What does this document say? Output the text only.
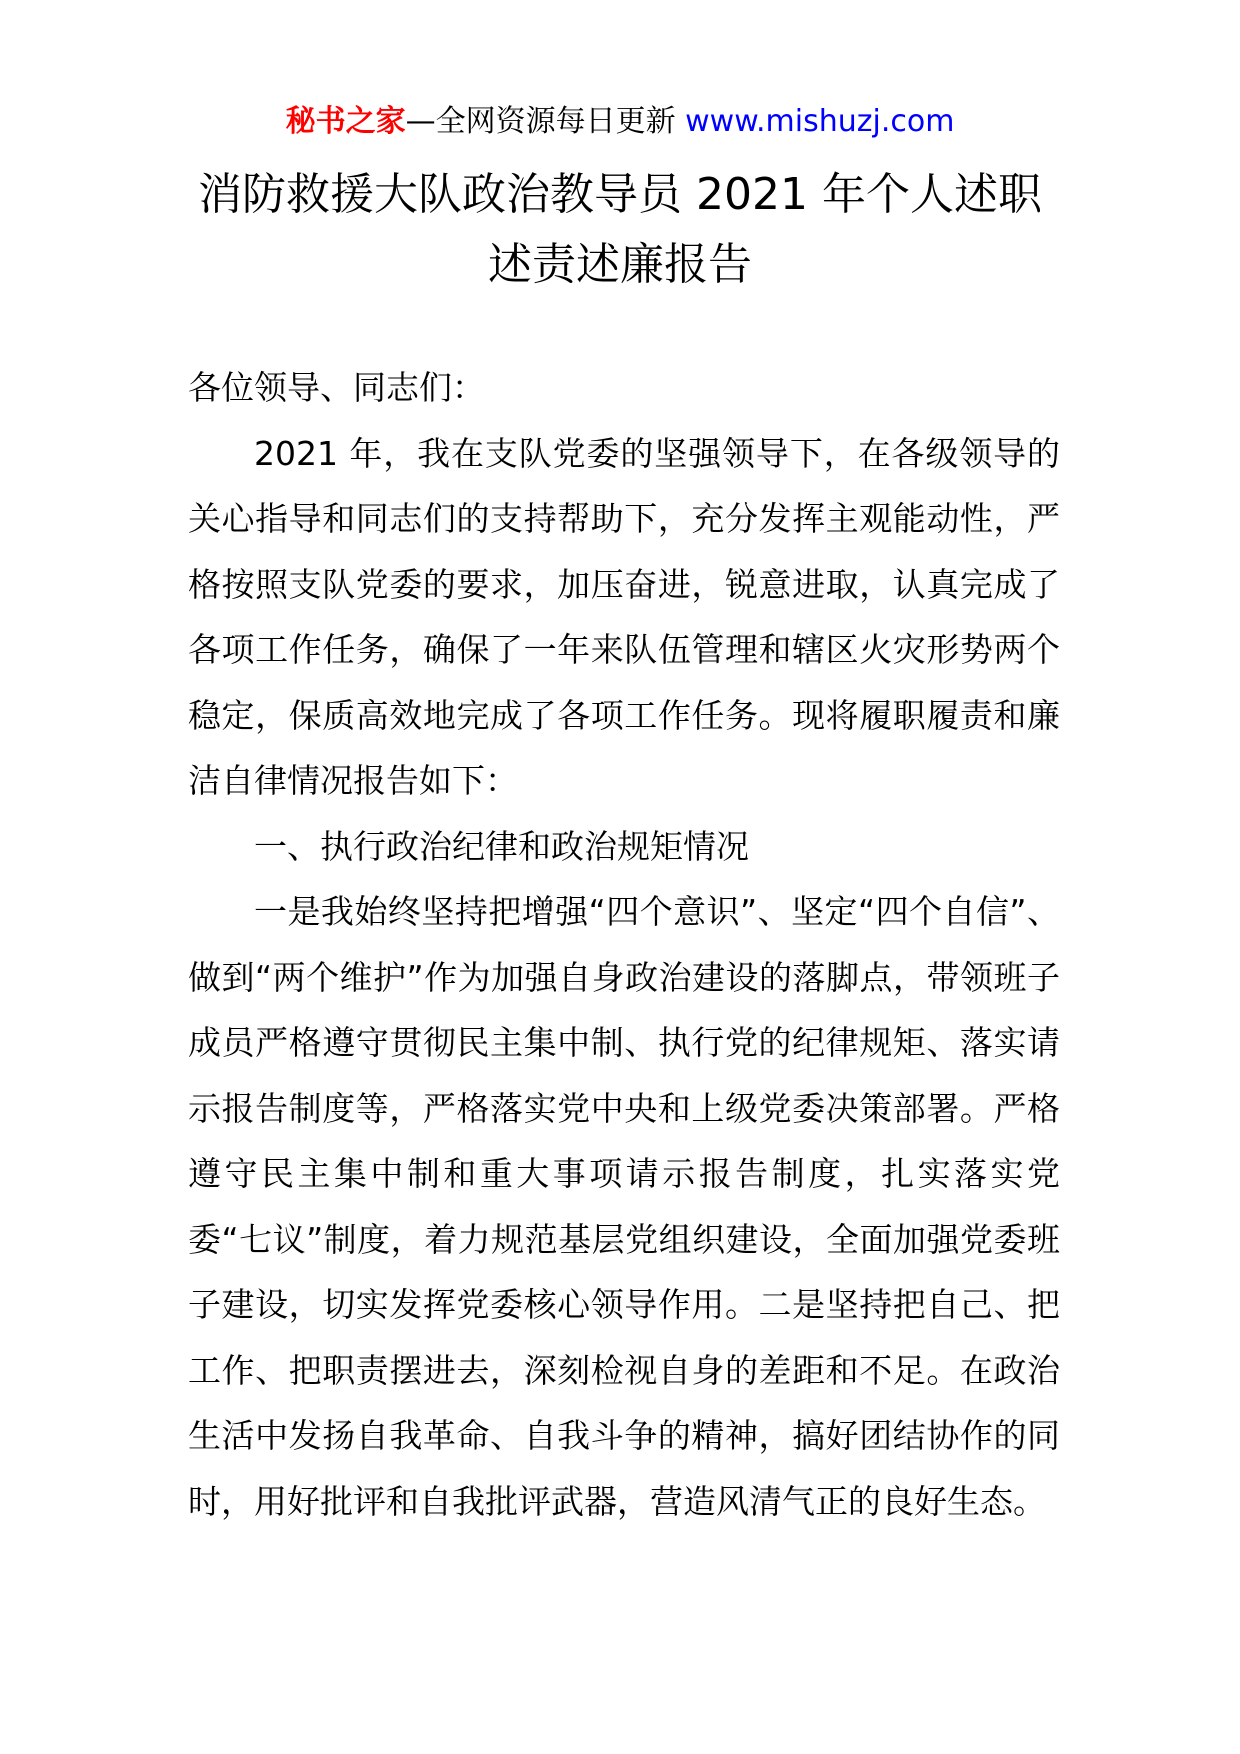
秘书之家—全网资源每日更新 www.mishuzj.com
消防救援大队政治教导员 2021 年个人述职
述责述廉报告

各位领导、同志们：

2021 年，我在支队党委的坚强领导下，在各级领导的关心指导和同志们的支持帮助下，充分发挥主观能动性，严格按照支队党委的要求，加压奋进，锐意进取，认真完成了各项工作任务，确保了一年来队伍管理和辖区火灾形势两个稳定，保质高效地完成了各项工作任务。现将履职履责和廉洁自律情况报告如下：

一、执行政治纪律和政治规矩情况

一是我始终坚持把增强“四个意识”、坚定“四个自信”、做到“两个维护”作为加强自身政治建设的落脚点，带领班子成员严格遵守贯彻民主集中制、执行党的纪律规矩、落实请示报告制度等，严格落实党中央和上级党委决策部署。严格遵守民主集中制和重大事项请示报告制度，扎实落实党委“七议”制度，着力规范基层党组织建设，全面加强党委班子建设，切实发挥党委核心领导作用。二是坚持把自己、把工作、把职责摆进去，深刻检视自身的差距和不足。在政治生活中发扬自我革命、自我斗争的精神，搞好团结协作的同时，用好批评和自我批评武器，营造风清气正的良好生态。
